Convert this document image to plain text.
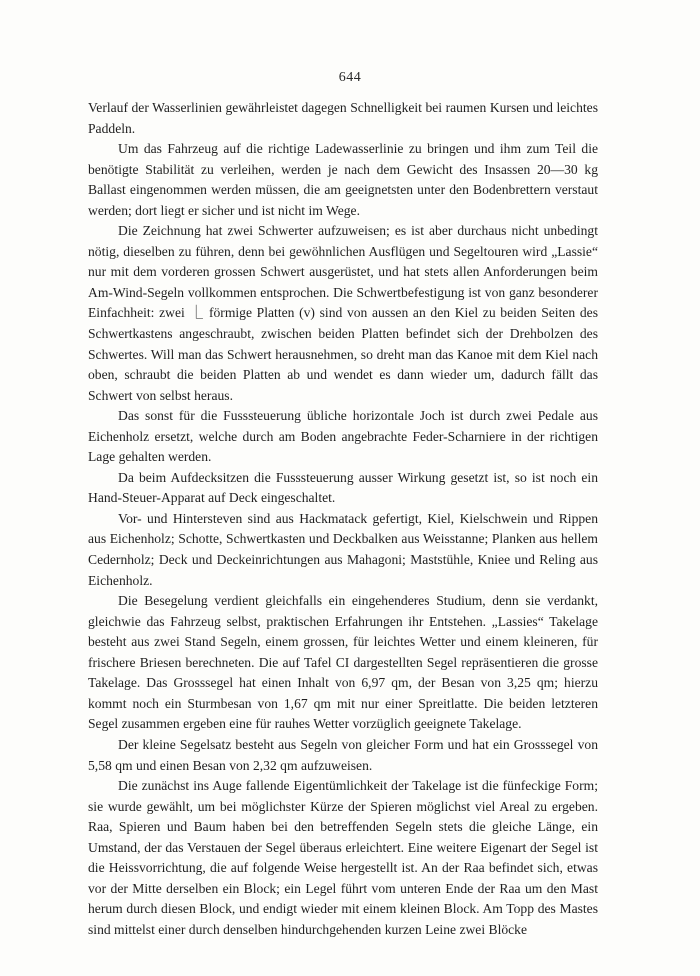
644

Verlauf der Wasserlinien gewährleistet dagegen Schnelligkeit bei raumen Kursen und leichtes Paddeln.

Um das Fahrzeug auf die richtige Ladewasserlinie zu bringen und ihm zum Teil die benötigte Stabilität zu verleihen, werden je nach dem Gewicht des Insassen 20—30 kg Ballast eingenommen werden müssen, die am geeignetsten unter den Bodenbrettern verstaut werden; dort liegt er sicher und ist nicht im Wege.

Die Zeichnung hat zwei Schwerter aufzuweisen; es ist aber durchaus nicht unbedingt nötig, dieselben zu führen, denn bei gewöhnlichen Ausflügen und Segeltouren wird „Lassie“ nur mit dem vorderen grossen Schwert ausgerüstet, und hat stets allen Anforderungen beim Am-Wind-Segeln vollkommen entsprochen. Die Schwertbefestigung ist von ganz besonderer Einfachheit: zwei ⎿ förmige Platten (v) sind von aussen an den Kiel zu beiden Seiten des Schwertkastens angeschraubt, zwischen beiden Platten befindet sich der Drehbolzen des Schwertes. Will man das Schwert herausnehmen, so dreht man das Kanoe mit dem Kiel nach oben, schraubt die beiden Platten ab und wendet es dann wieder um, dadurch fällt das Schwert von selbst heraus.

Das sonst für die Fusssteuerung übliche horizontale Joch ist durch zwei Pedale aus Eichenholz ersetzt, welche durch am Boden angebrachte Feder-Scharniere in der richtigen Lage gehalten werden.

Da beim Aufdecksitzen die Fusssteuerung ausser Wirkung gesetzt ist, so ist noch ein Hand-Steuer-Apparat auf Deck eingeschaltet.

Vor- und Hintersteven sind aus Hackmatack gefertigt, Kiel, Kielschwein und Rippen aus Eichenholz; Schotte, Schwertkasten und Deckbalken aus Weisstanne; Planken aus hellem Cedernholz; Deck und Deckeinrichtungen aus Mahagoni; Maststühle, Kniee und Reling aus Eichenholz.

Die Besegelung verdient gleichfalls ein eingehenderes Studium, denn sie verdankt, gleichwie das Fahrzeug selbst, praktischen Erfahrungen ihr Entstehen. „Lassies“ Takelage besteht aus zwei Stand Segeln, einem grossen, für leichtes Wetter und einem kleineren, für frischere Briesen berechneten. Die auf Tafel CI dargestellten Segel repräsentieren die grosse Takelage. Das Grosssegel hat einen Inhalt von 6,97 qm, der Besan von 3,25 qm; hierzu kommt noch ein Sturmbesan von 1,67 qm mit nur einer Spreitlatte. Die beiden letzteren Segel zusammen ergeben eine für rauhes Wetter vorzüglich geeignete Takelage.

Der kleine Segelsatz besteht aus Segeln von gleicher Form und hat ein Grosssegel von 5,58 qm und einen Besan von 2,32 qm aufzuweisen.

Die zunächst ins Auge fallende Eigentümlichkeit der Takelage ist die fünfeckige Form; sie wurde gewählt, um bei möglichster Kürze der Spieren möglichst viel Areal zu ergeben. Raa, Spieren und Baum haben bei den betreffenden Segeln stets die gleiche Länge, ein Umstand, der das Verstauen der Segel überaus erleichtert. Eine weitere Eigenart der Segel ist die Heissvorrichtung, die auf folgende Weise hergestellt ist. An der Raa befindet sich, etwas vor der Mitte derselben ein Block; ein Legel führt vom unteren Ende der Raa um den Mast herum durch diesen Block, und endigt wieder mit einem kleinen Block. Am Topp des Mastes sind mittelst einer durch denselben hindurchgehenden kurzen Leine zwei Blöcke
